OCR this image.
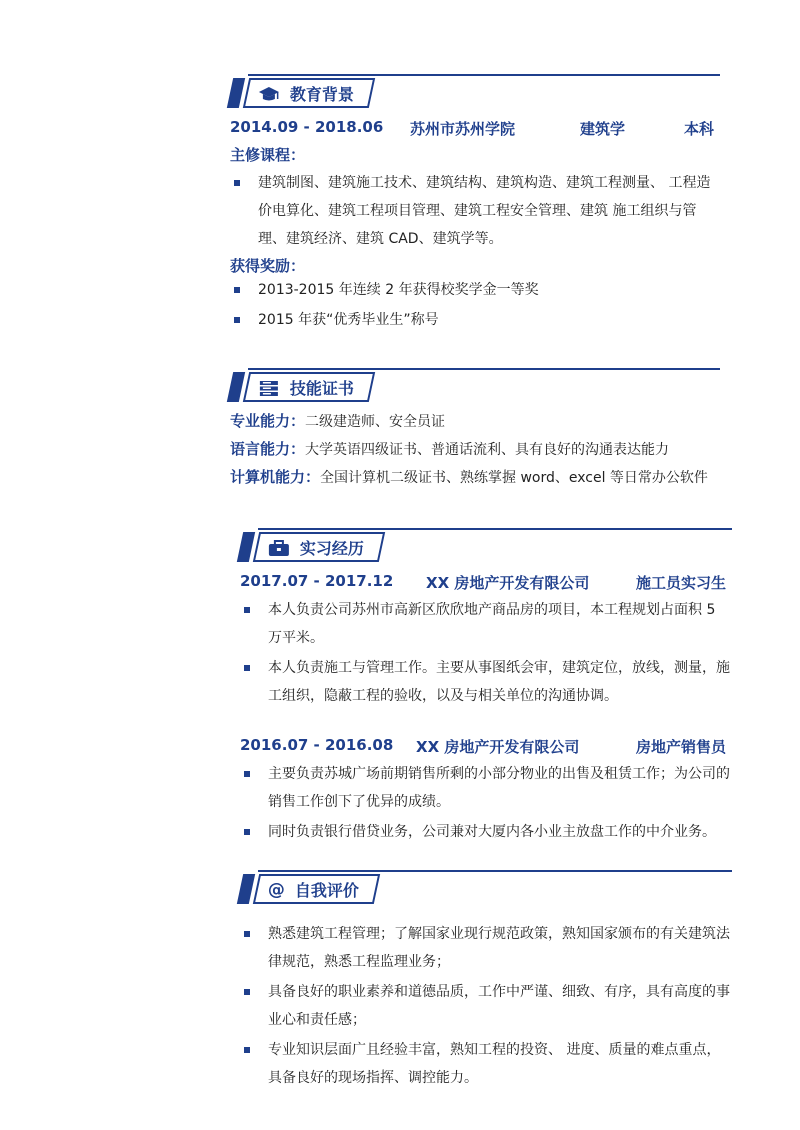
教育背景
2014.09 - 2018.06 苏州市苏州学院	建筑学	本科
主修课程：
建筑制图、建筑施工技术、建筑结构、建筑构造、建筑工程测量、 工程造价电算化、建筑工程项目管理、建筑工程安全管理、建筑 施工组织与管理、建筑经济、建筑 CAD、建筑学等。
获得奖励：
2013-2015 年连续 2 年获得校奖学金一等奖
2015 年获“优秀毕业生”称号
技能证书
专业能力：二级建造师、安全员证
语言能力：大学英语四级证书、普通话流利、具有良好的沟通表达能力
计算机能力：全国计算机二级证书、熟练掌握 word、excel 等日常办公软件
实习经历
2017.07 - 2017.12 XX 房地产开发有限公司	施工员实习生
本人负责公司苏州市高新区欣欣地产商品房的项目，本工程规划占面积 5 万平米。
本人负责施工与管理工作。主要从事图纸会审，建筑定位，放线，测量，施工组织，隐蔽工程的验收，以及与相关单位的沟通协调。
2016.07 - 2016.08 XX 房地产开发有限公司	房地产销售员
主要负责苏城广场前期销售所剩的小部分物业的出售及租赁工作；为公司的销售工作创下了优异的成绩。
同时负责银行借贷业务，公司兼对大厦内各小业主放盘工作的中介业务。
@ 自我评价
熟悉建筑工程管理；了解国家业现行规范政策，熟知国家颁布的有关建筑法律规范，熟悉工程监理业务；
具备良好的职业素养和道德品质，工作中严谨、细致、有序，具有高度的事业心和责任感；
专业知识层面广且经验丰富，熟知工程的投资、 进度、质量的难点重点，具备良好的现场指挥、调控能力。
